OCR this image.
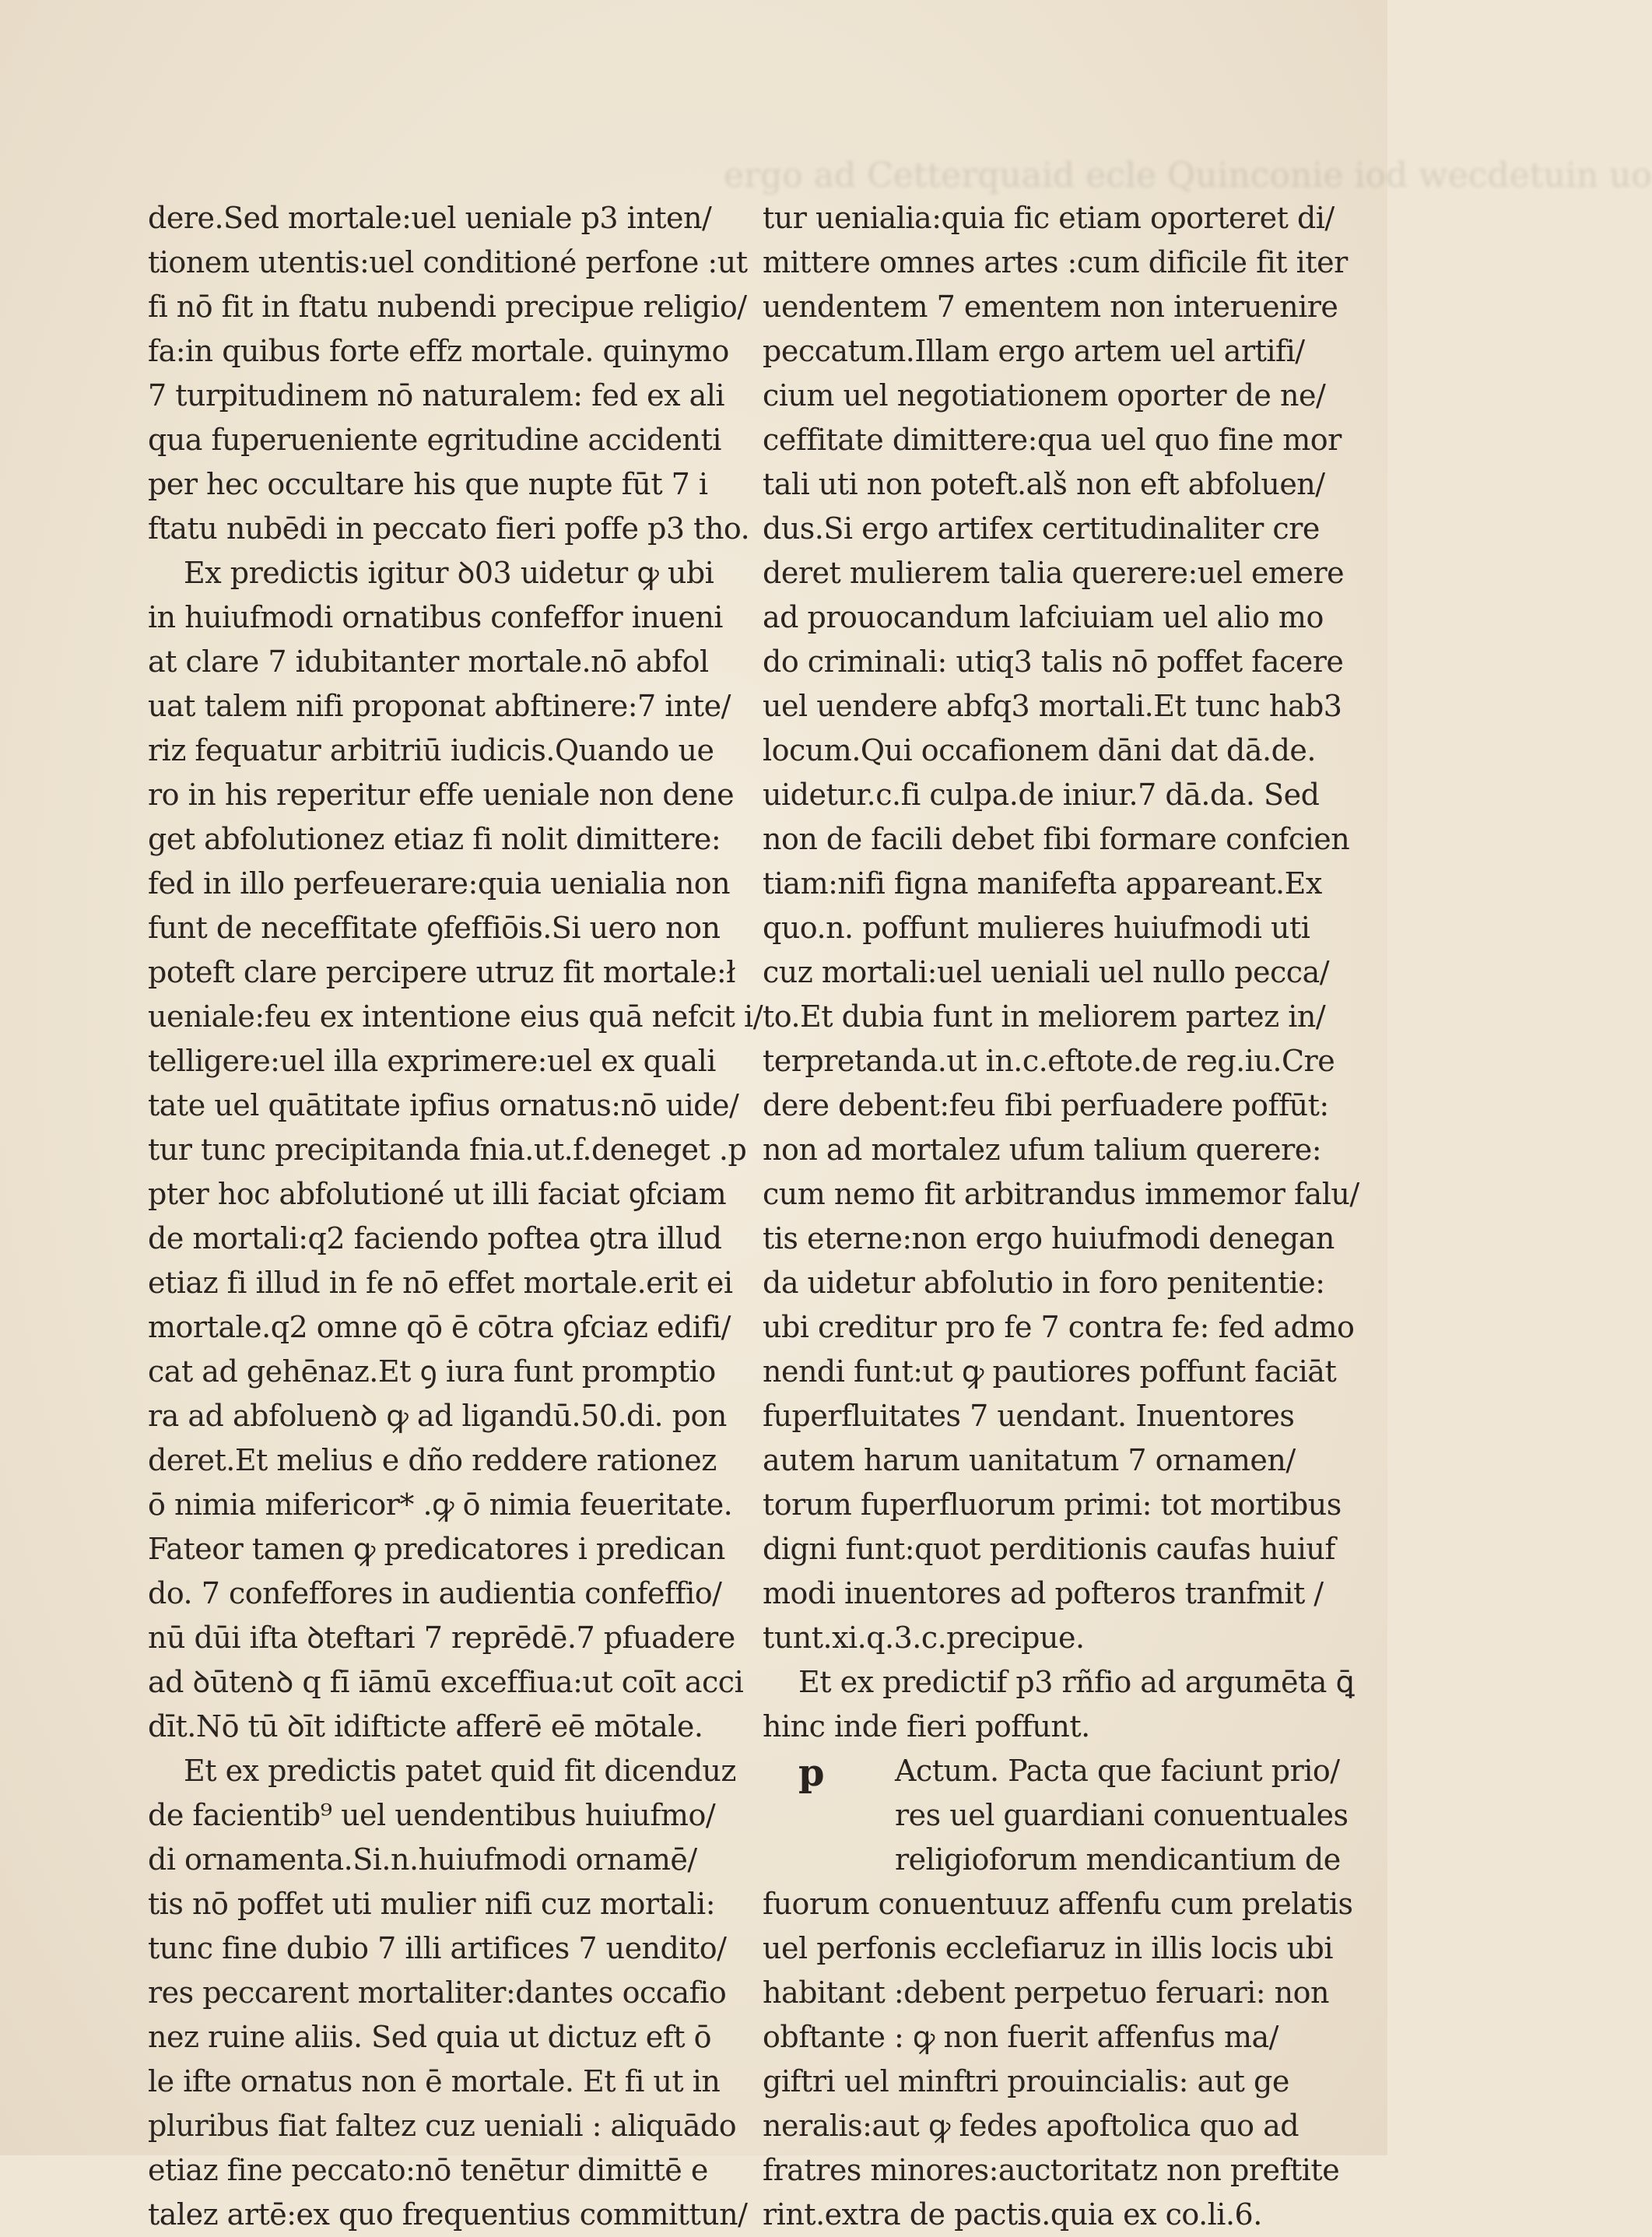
ergo ad Cetterquaid ecle Quinconie iod wecdetuin uo
dere.Sed mortale:uel ueniale p3 inten/
tionem utentis:uel conditioné perfone :ut
fi nō fit in ftatu nubendi precipue religio/
fa:in quibus forte effz mortale. quinymo
7 turpitudinem nō naturalem: fed ex ali
qua fuperueniente egritudine accidenti
per hec occultare his que nupte fūt 7 i
ftatu nubēdi in peccato fieri poffe p3 tho.
Ex predictis igitur ꝺ03 uidetur ꝙ ubi
in huiufmodi ornatibus confeffor inueni
at clare 7 idubitanter mortale.nō abfol
uat talem nifi proponat abftinere:7 inte/
riz fequatur arbitriū iudicis.Quando ue
ro in his reperitur effe ueniale non dene
get abfolutionez etiaz fi nolit dimittere:
fed in illo perfeuerare:quia uenialia non
funt de neceffitate ꝯfeffiōis.Si uero non
poteft clare percipere utruz fit mortale:ł
ueniale:feu ex intentione eius quā nefcit i/
telligere:uel illa exprimere:uel ex quali
tate uel quātitate ipfius ornatus:nō uide/
tur tunc precipitanda fnia.ut.f.deneget .p
pter hoc abfolutioné ut illi faciat ꝯfciam
de mortali:q2 faciendo poftea ꝯtra illud
etiaz fi illud in fe nō effet mortale.erit ei
mortale.q2 omne qō ē cōtra ꝯfciaz edifi/
cat ad gehēnaz.Et ꝯ iura funt promptio
ra ad abfoluenꝺ ꝙ ad ligandū.50.di. pon
deret.Et melius e dño reddere rationez
ō nimia mifericor* .ꝙ ō nimia feueritate.
Fateor tamen ꝙ predicatores i predican
do. 7 confeffores in audientia confeffio/
nū dūi ifta ꝺteftari 7 reprēdē.7 pfuadere
ad ꝺūtenꝺ q fī iāmū exceffiua:ut coīt acci
dīt.Nō tū ꝺīt idifticte afferē eē mōtale.
Et ex predictis patet quid fit dicenduz
de facientib⁹ uel uendentibus huiufmo/
di ornamenta.Si.n.huiufmodi ornamē/
tis nō poffet uti mulier nifi cuz mortali:
tunc fine dubio 7 illi artifices 7 uendito/
res peccarent mortaliter:dantes occafio
nez ruine aliis. Sed quia ut dictuz eft ō
le ifte ornatus non ē mortale. Et fi ut in
pluribus fiat faltez cuz ueniali : aliquādo
etiaz fine peccato:nō tenētur dimittē e
talez artē:ex quo frequentius committun/
tur uenialia:quia fic etiam oporteret di/
mittere omnes artes :cum dificile fit iter
uendentem 7 ementem non interuenire
peccatum.Illam ergo artem uel artifi/
cium uel negotiationem oporter de ne/
ceffitate dimittere:qua uel quo fine mor
tali uti non poteft.alš non eft abfoluen/
dus.Si ergo artifex certitudinaliter cre
deret mulierem talia querere:uel emere
ad prouocandum lafciuiam uel alio mo
do criminali: utiq3 talis nō poffet facere
uel uendere abfq3 mortali.Et tunc hab3
locum.Qui occafionem dāni dat dā.de.
uidetur.c.fi culpa.de iniur.7 dā.da. Sed
non de facili debet fibi formare confcien
tiam:nifi figna manifefta appareant.Ex
quo.n. poffunt mulieres huiufmodi uti
cuz mortali:uel ueniali uel nullo pecca/
to.Et dubia funt in meliorem partez in/
terpretanda.ut in.c.eftote.de reg.iu.Cre
dere debent:feu fibi perfuadere poffūt:
non ad mortalez ufum talium querere:
cum nemo fit arbitrandus immemor falu/
tis eterne:non ergo huiufmodi denegan
da uidetur abfolutio in foro penitentie:
ubi creditur pro fe 7 contra fe: fed admo
nendi funt:ut ꝙ pautiores poffunt faciāt
fuperfluitates 7 uendant. Inuentores
autem harum uanitatum 7 ornamen/
torum fuperfluorum primi: tot mortibus
digni funt:quot perditionis caufas huiuf
modi inuentores ad pofteros tranfmit /
tunt.xi.q.3.c.precipue.
Et ex predictif p3 rñfio ad argumēta ꝗ̄
hinc inde fieri poffunt.
p	Actum. Pacta que faciunt prio/
res uel guardiani conuentuales
religioforum mendicantium de
fuorum conuentuuz affenfu cum prelatis
uel perfonis ecclefiaruz in illis locis ubi
habitant :debent perpetuo feruari: non
obftante : ꝙ non fuerit affenfus ma/
giftri uel minftri prouincialis: aut ge
neralis:aut ꝙ fedes apoftolica quo ad
fratres minores:auctoritatz non preftite
rint.extra de pactis.quia ex co.li.6.
